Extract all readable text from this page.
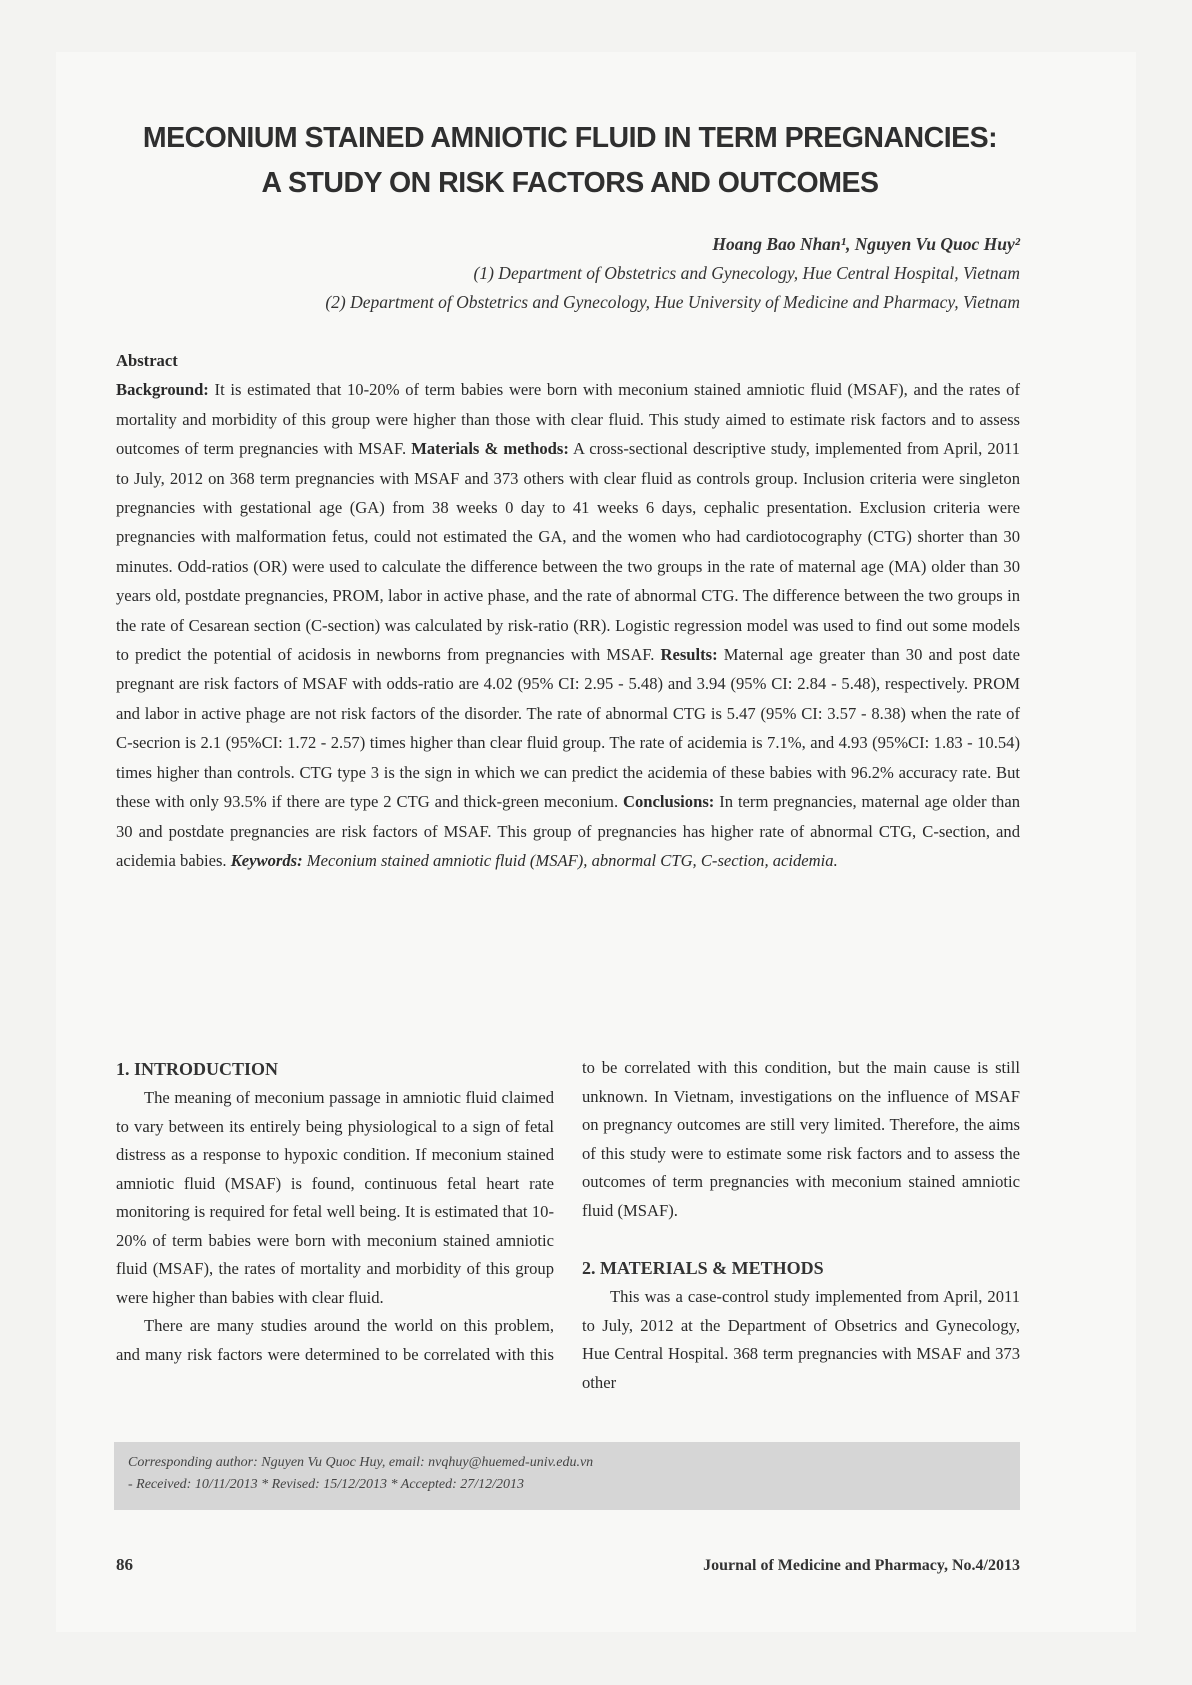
MECONIUM STAINED AMNIOTIC FLUID IN TERM PREGNANCIES:
A STUDY ON RISK FACTORS AND OUTCOMES
Hoang Bao Nhan¹, Nguyen Vu Quoc Huy²
(1) Department of Obstetrics and Gynecology, Hue Central Hospital, Vietnam
(2) Department of Obstetrics and Gynecology, Hue University of Medicine and Pharmacy, Vietnam
Abstract

Background: It is estimated that 10-20% of term babies were born with meconium stained amniotic fluid (MSAF), and the rates of mortality and morbidity of this group were higher than those with clear fluid. This study aimed to estimate risk factors and to assess outcomes of term pregnancies with MSAF. Materials & methods: A cross-sectional descriptive study, implemented from April, 2011 to July, 2012 on 368 term pregnancies with MSAF and 373 others with clear fluid as controls group. Inclusion criteria were singleton pregnancies with gestational age (GA) from 38 weeks 0 day to 41 weeks 6 days, cephalic presentation. Exclusion criteria were pregnancies with malformation fetus, could not estimated the GA, and the women who had cardiotocography (CTG) shorter than 30 minutes. Odd-ratios (OR) were used to calculate the difference between the two groups in the rate of maternal age (MA) older than 30 years old, postdate pregnancies, PROM, labor in active phase, and the rate of abnormal CTG. The difference between the two groups in the rate of Cesarean section (C-section) was calculated by risk-ratio (RR). Logistic regression model was used to find out some models to predict the potential of acidosis in newborns from pregnancies with MSAF. Results: Maternal age greater than 30 and post date pregnant are risk factors of MSAF with odds-ratio are 4.02 (95% CI: 2.95 - 5.48) and 3.94 (95% CI: 2.84 - 5.48), respectively. PROM and labor in active phage are not risk factors of the disorder. The rate of abnormal CTG is 5.47 (95% CI: 3.57 - 8.38) when the rate of C-secrion is 2.1 (95%CI: 1.72 - 2.57) times higher than clear fluid group. The rate of acidemia is 7.1%, and 4.93 (95%CI: 1.83 - 10.54) times higher than controls. CTG type 3 is the sign in which we can predict the acidemia of these babies with 96.2% accuracy rate. But these with only 93.5% if there are type 2 CTG and thick-green meconium. Conclusions: In term pregnancies, maternal age older than 30 and postdate pregnancies are risk factors of MSAF. This group of pregnancies has higher rate of abnormal CTG, C-section, and acidemia babies. Keywords: Meconium stained amniotic fluid (MSAF), abnormal CTG, C-section, acidemia.

1. INTRODUCTION

The meaning of meconium passage in amniotic fluid claimed to vary between its entirely being physiological to a sign of fetal distress as a response to hypoxic condition. If meconium stained amniotic fluid (MSAF) is found, continuous fetal heart rate monitoring is required for fetal well being. It is estimated that 10-20% of term babies were born with meconium stained amniotic fluid (MSAF), the rates of mortality and morbidity of this group were higher than babies with clear fluid.

There are many studies around the world on this problem, and many risk factors were determined to be correlated with this

to be correlated with this condition, but the main cause is still unknown. In Vietnam, investigations on the influence of MSAF on pregnancy outcomes are still very limited. Therefore, the aims of this study were to estimate some risk factors and to assess the outcomes of term pregnancies with meconium stained amniotic fluid (MSAF).

2. MATERIALS & METHODS

This was a case-control study implemented from April, 2011 to July, 2012 at the Department of Obsetrics and Gynecology, Hue Central Hospital. 368 term pregnancies with MSAF and 373 other

Corresponding author: Nguyen Vu Quoc Huy, email: nvqhuy@huemed-univ.edu.vn
- Received: 10/11/2013 * Revised: 15/12/2013 * Accepted: 27/12/2013
86	Journal of Medicine and Pharmacy, No.4/2013
